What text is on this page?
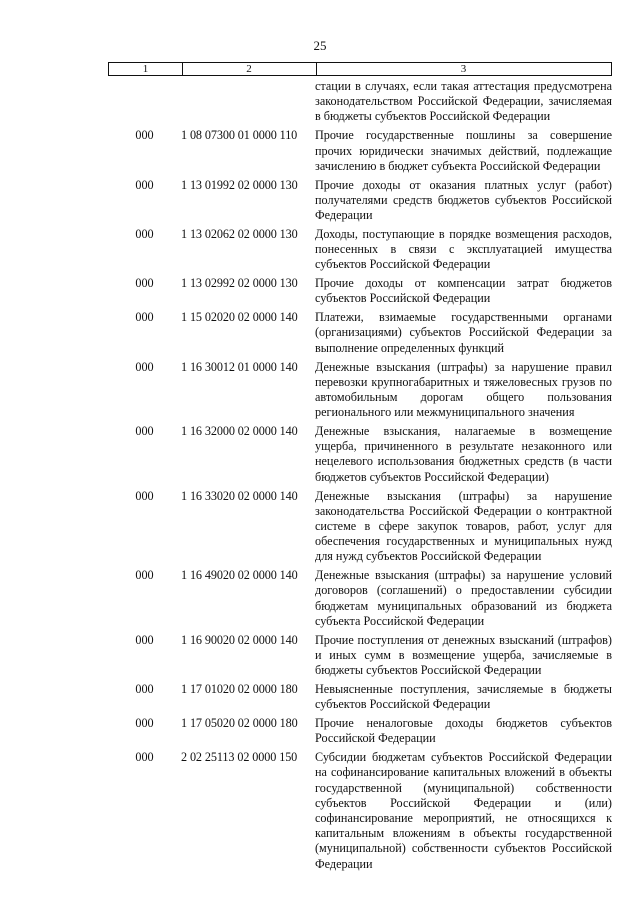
25
1	2	3
стации в случаях, если такая аттестация предусмотрена законодательством Российской Федерации, зачисляемая в бюджеты субъектов Российской Федерации
000	1 08 07300 01 0000 110	Прочие государственные пошлины за совершение прочих юридически значимых действий, подлежащие зачислению в бюджет субъекта Российской Федерации
000	1 13 01992 02 0000 130	Прочие доходы от оказания платных услуг (работ) получателями средств бюджетов субъектов Российской Федерации
000	1 13 02062 02 0000 130	Доходы, поступающие в порядке возмещения расходов, понесенных в связи с эксплуатацией имущества субъектов Российской Федерации
000	1 13 02992 02 0000 130	Прочие доходы от компенсации затрат бюджетов субъектов Российской Федерации
000	1 15 02020 02 0000 140	Платежи, взимаемые государственными органами (организациями) субъектов Российской Федерации за выполнение определенных функций
000	1 16 30012 01 0000 140	Денежные взыскания (штрафы) за нарушение правил перевозки крупногабаритных и тяжеловесных грузов по автомобильным дорогам общего пользования регионального или межмуниципального значения
000	1 16 32000 02 0000 140	Денежные взыскания, налагаемые в возмещение ущерба, причиненного в результате незаконного или нецелевого использования бюджетных средств (в части бюджетов субъектов Российской Федерации)
000	1 16 33020 02 0000 140	Денежные взыскания (штрафы) за нарушение законодательства Российской Федерации о контрактной системе в сфере закупок товаров, работ, услуг для обеспечения государственных и муниципальных нужд для нужд субъектов Российской Федерации
000	1 16 49020 02 0000 140	Денежные взыскания (штрафы) за нарушение условий договоров (соглашений) о предоставлении субсидии бюджетам муниципальных образований из бюджета субъекта Российской Федерации
000	1 16 90020 02 0000 140	Прочие поступления от денежных взысканий (штрафов) и иных сумм в возмещение ущерба, зачисляемые в бюджеты субъектов Российской Федерации
000	1 17 01020 02 0000 180	Невыясненные поступления, зачисляемые в бюджеты субъектов Российской Федерации
000	1 17 05020 02 0000 180	Прочие неналоговые доходы бюджетов субъектов Российской Федерации
000	2 02 25113 02 0000 150	Субсидии бюджетам субъектов Российской Федерации на софинансирование капитальных вложений в объекты государственной (муниципальной) собственности субъектов Российской Федерации и (или) софинансирование мероприятий, не относящихся к капитальным вложениям в объекты государственной (муниципальной) собственности субъектов Российской Федерации
